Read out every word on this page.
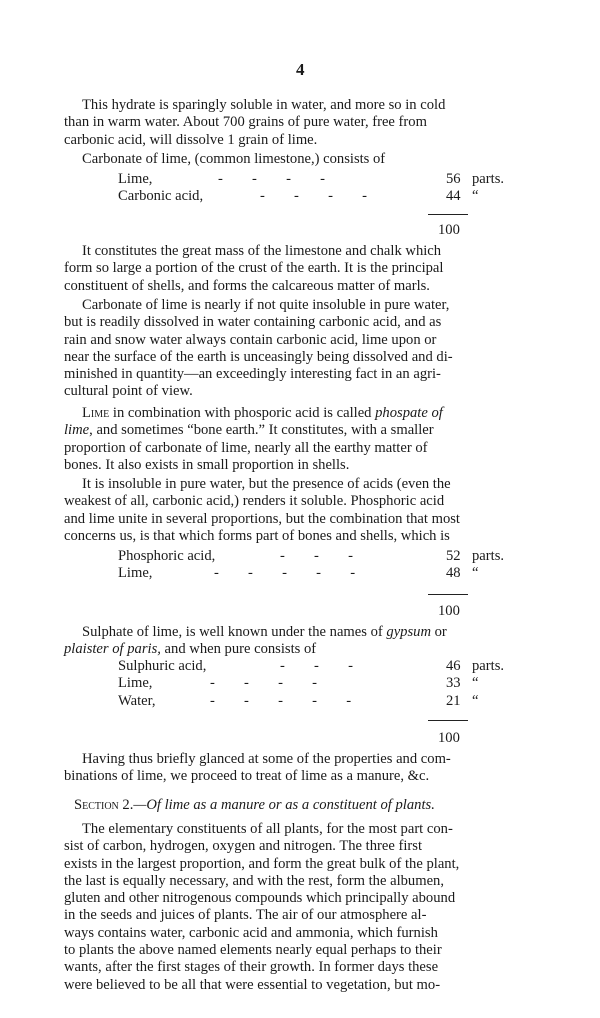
4
This hydrate is sparingly soluble in water, and more so in cold
than in warm water. About 700 grains of pure water, free from
carbonic acid, will dissolve 1 grain of lime.
Carbonate of lime, (common limestone,) consists of
Lime,	-        -        -        -	56 parts.
Carbonic acid,	-        -        -        -	44 “
100
It constitutes the great mass of the limestone and chalk which
form so large a portion of the crust of the earth. It is the principal
constituent of shells, and forms the calcareous matter of marls.
Carbonate of lime is nearly if not quite insoluble in pure water,
but is readily dissolved in water containing carbonic acid, and as
rain and snow water always contain carbonic acid, lime upon or
near the surface of the earth is unceasingly being dissolved and di-
minished in quantity—an exceedingly interesting fact in an agri-
cultural point of view.
Lime in combination with phosporic acid is called phospate of
lime, and sometimes “bone earth.” It constitutes, with a smaller
proportion of carbonate of lime, nearly all the earthy matter of
bones. It also exists in small proportion in shells.
It is insoluble in pure water, but the presence of acids (even the
weakest of all, carbonic acid,) renders it soluble. Phosphoric acid
and lime unite in several proportions, but the combination that most
concerns us, is that which forms part of bones and shells, which is
Phosphoric acid,	-        -        -	52 parts.
Lime,	-        -        -        -        -	48 “
100
Sulphate of lime, is well known under the names of gypsum or
plaister of paris, and when pure consists of
Sulphuric acid,	-        -        -	46 parts.
Lime,	-        -        -        -	33 “
Water,	-        -        -        -        -	21 “
100
Having thus briefly glanced at some of the properties and com-
binations of lime, we proceed to treat of lime as a manure, &c.
Section 2.—Of lime as a manure or as a constituent of plants.
The elementary constituents of all plants, for the most part con-
sist of carbon, hydrogen, oxygen and nitrogen. The three first
exists in the largest proportion, and form the great bulk of the plant,
the last is equally necessary, and with the rest, form the albumen,
gluten and other nitrogenous compounds which principally abound
in the seeds and juices of plants. The air of our atmosphere al-
ways contains water, carbonic acid and ammonia, which furnish
to plants the above named elements nearly equal perhaps to their
wants, after the first stages of their growth. In former days these
were believed to be all that were essential to vegetation, but mo-
